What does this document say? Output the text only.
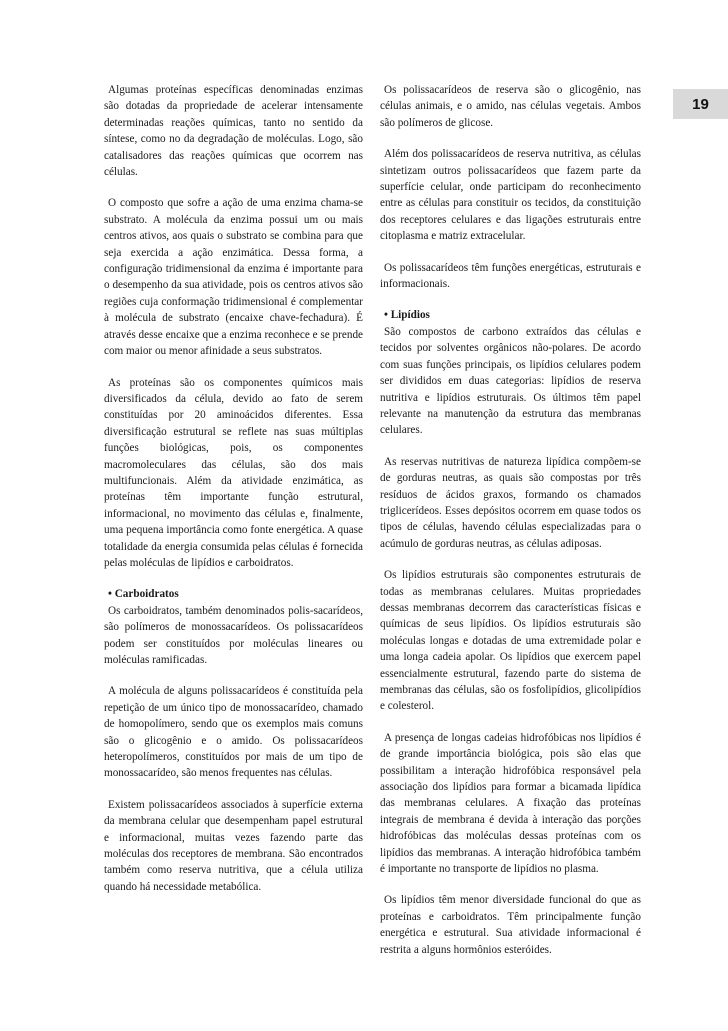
Algumas proteínas específicas denominadas enzimas são dotadas da propriedade de acelerar intensamente determinadas reações químicas, tanto no sentido da síntese, como no da degradação de moléculas. Logo, são catalisadores das reações químicas que ocorrem nas células.

O composto que sofre a ação de uma enzima chama-se substrato. A molécula da enzima possui um ou mais centros ativos, aos quais o substrato se combina para que seja exercida a ação enzimática. Dessa forma, a configuração tridimensional da enzima é importante para o desempenho da sua atividade, pois os centros ativos são regiões cuja conformação tridimensional é complementar à molécula de substrato (encaixe chave-fechadura). É através desse encaixe que a enzima reconhece e se prende com maior ou menor afinidade a seus substratos.

As proteínas são os componentes químicos mais diversificados da célula, devido ao fato de serem constituídas por 20 aminoácidos diferentes. Essa diversificação estrutural se reflete nas suas múltiplas funções biológicas, pois, os componentes macromoleculares das células, são dos mais multifuncionais. Além da atividade enzimática, as proteínas têm importante função estrutural, informacional, no movimento das células e, finalmente, uma pequena importância como fonte energética. A quase totalidade da energia consumida pelas células é fornecida pelas moléculas de lipídios e carboidratos.

• Carboidratos

Os carboidratos, também denominados polis-sacarídeos, são polímeros de monossacarídeos. Os polissacarídeos podem ser constituídos por moléculas lineares ou moléculas ramificadas.

A molécula de alguns polissacarídeos é constituída pela repetição de um único tipo de monossacarídeo, chamado de homopolímero, sendo que os exemplos mais comuns são o glicogênio e o amido. Os polissacarídeos heteropolímeros, constituídos por mais de um tipo de monossacarídeo, são menos frequentes nas células.

Existem polissacarídeos associados à superfície externa da membrana celular que desempenham papel estrutural e informacional, muitas vezes fazendo parte das moléculas dos receptores de membrana. São encontrados também como reserva nutritiva, que a célula utiliza quando há necessidade metabólica.

Os polissacarídeos de reserva são o glicogênio, nas células animais, e o amido, nas células vegetais. Ambos são polímeros de glicose.

Além dos polissacarídeos de reserva nutritiva, as células sintetizam outros polissacarídeos que fazem parte da superfície celular, onde participam do reconhecimento entre as células para constituir os tecidos, da constituição dos receptores celulares e das ligações estruturais entre citoplasma e matriz extracelular.

Os polissacarídeos têm funções energéticas, estruturais e informacionais.

• Lipídios

São compostos de carbono extraídos das células e tecidos por solventes orgânicos não-polares. De acordo com suas funções principais, os lipídios celulares podem ser divididos em duas categorias: lipídios de reserva nutritiva e lipídios estruturais. Os últimos têm papel relevante na manutenção da estrutura das membranas celulares.

As reservas nutritivas de natureza lipídica compõem-se de gorduras neutras, as quais são compostas por três resíduos de ácidos graxos, formando os chamados triglicerídeos. Esses depósitos ocorrem em quase todos os tipos de células, havendo células especializadas para o acúmulo de gorduras neutras, as células adiposas.

Os lipídios estruturais são componentes estruturais de todas as membranas celulares. Muitas propriedades dessas membranas decorrem das características físicas e químicas de seus lipídios. Os lipídios estruturais são moléculas longas e dotadas de uma extremidade polar e uma longa cadeia apolar. Os lipídios que exercem papel essencialmente estrutural, fazendo parte do sistema de membranas das células, são os fosfolipídios, glicolipídios e colesterol.

A presença de longas cadeias hidrofóbicas nos lipídios é de grande importância biológica, pois são elas que possibilitam a interação hidrofóbica responsável pela associação dos lipídios para formar a bicamada lipídica das membranas celulares. A fixação das proteínas integrais de membrana é devida à interação das porções hidrofóbicas das moléculas dessas proteínas com os lipídios das membranas. A interação hidrofóbica também é importante no transporte de lipídios no plasma.

Os lipídios têm menor diversidade funcional do que as proteínas e carboidratos. Têm principalmente função energética e estrutural. Sua atividade informacional é restrita a alguns hormônios esteróides.

19
